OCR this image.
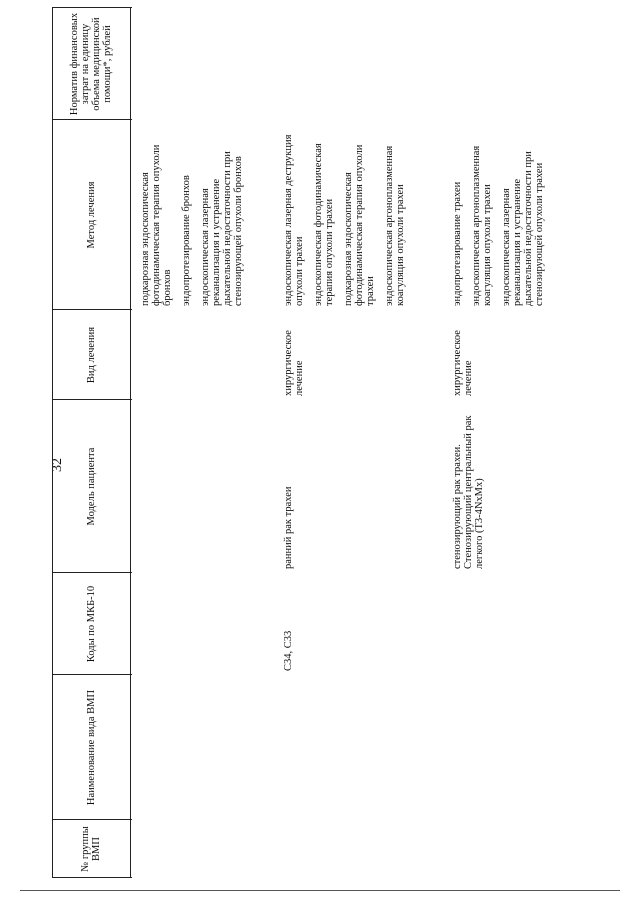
32
№ группы ВМП
Наименование вида ВМП
Коды по МКБ-10
Модель пациента
Вид лечения
Метод лечения
Норматив финансовых затрат на единицу объема медицинской помощи*, рублей

подкарозная эндоскопическая фотодинамическая терапия опухоли бронхов эндопротезирование бронхов эндоскопическая лазерная реканализация и устранение дыхательной недостаточности при стенозирующей опухоли бронхов

C34, C33
ранний рак трахеи
хирургическое лечение

эндоскопическая лазерная деструкция опухоли трахеи эндоскопическая фотодинамическая терапия опухоли трахеи подкарозная эндоскопическая фотодинамическая терапия опухоли трахеи эндоскопическая аргоноплазменная коагуляция опухоли трахеи

стенозирующий рак трахеи. Стенозирующий центральный рак легкого (T3-4NxMx)
хирургическое лечение

эндопротезирование трахеи эндоскопическая аргоноплазменная коагуляция опухоли трахеи эндоскопическая лазерная реканализация и устранение дыхательной недостаточности при стенозирующей опухоли трахеи
